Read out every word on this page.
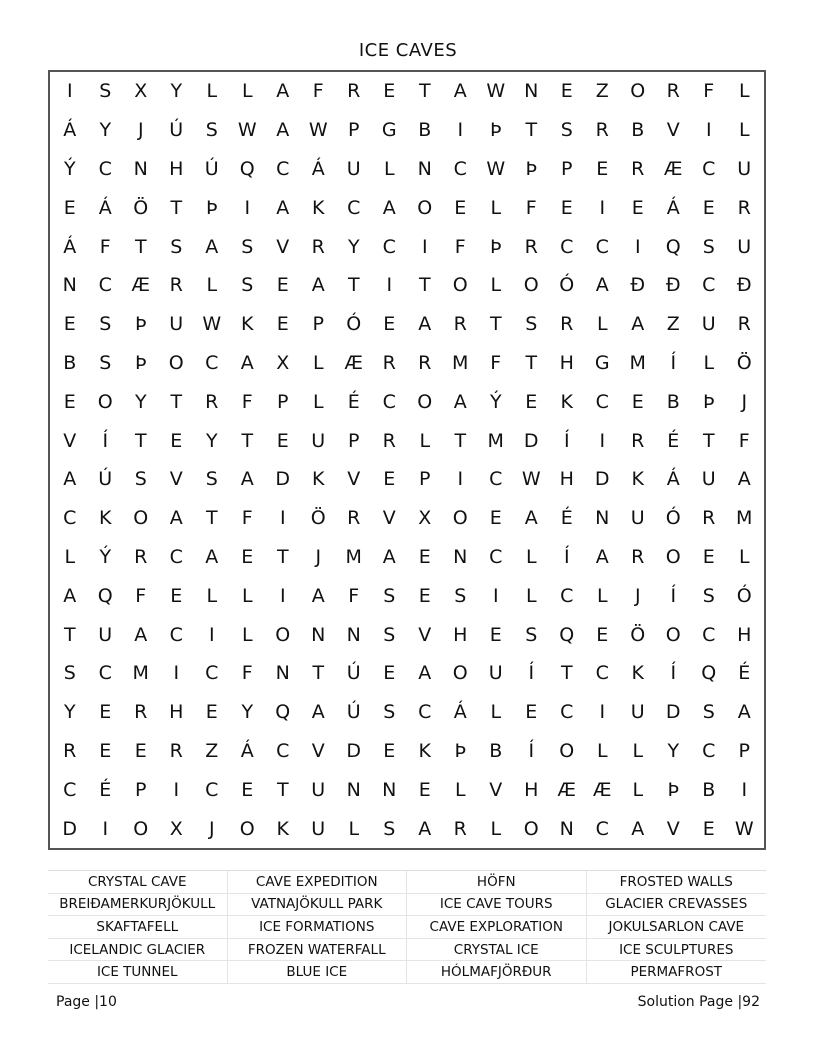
ICE CAVES
I	S	X	Y	L	L	A	F	R	E	T	A	W	N	E	Z	O	R	F	L
Á	Y	J	Ú	S	W	A	W	P	G	B	I	Þ	T	S	R	B	V	I	L
Ý	C	N	H	Ú	Q	C	Á	U	L	N	C	W	Þ	P	E	R	Æ	C	U
E	Á	Ö	T	Þ	I	A	K	C	A	O	E	L	F	E	I	E	Á	E	R
Á	F	T	S	A	S	V	R	Y	C	I	F	Þ	R	C	C	I	Q	S	U
N	C	Æ	R	L	S	E	A	T	I	T	O	L	O	Ó	A	Ð	Ð	C	Ð
E	S	Þ	U	W	K	E	P	Ó	E	A	R	T	S	R	L	A	Z	U	R
B	S	Þ	O	C	A	X	L	Æ	R	R	M	F	T	H	G	M	Í	L	Ö
E	O	Y	T	R	F	P	L	É	C	O	A	Ý	E	K	C	E	B	Þ	J
V	Í	T	E	Y	T	E	U	P	R	L	T	M	D	Í	I	R	É	T	F
A	Ú	S	V	S	A	D	K	V	E	P	I	C	W H	D	K	Á	U	A
C	K	O	A	T	F	I	Ö	R	V	X	O	E	A	É	N	U	Ó	R	M
L	Ý	R	C	A	E	T	J	M	A	E	N	C	L	Í	A	R	O	E	L
A	Q	F	E	L	L	I	A	F	S	E	S	I	L	C	L	J	Í	S	Ó
T	U	A	C	I	L	O	N	N	S	V	H	E	S	Q	E	Ö	O	C	H
S	C	M	I	C	F	N	T	Ú	E	A	O	U	Í	T	C	K	Í	Q	É
Y	E	R	H	E	Y	Q	A	Ú	S	C	Á	L	E	C	I	U	D	S	A
R	E	E	R	Z	Á	C	V	D	E	K	Þ	B	Í	O	L	L	Y	C	P
C	É	P	I	C	E	T	U	N	N	E	L	V	H	Æ Æ	L	Þ	B	I
D	I	O	X	J	O	K	U	L	S	A	R	L	O	N	C	A	V	E	W
CRYSTAL CAVE	CAVE EXPEDITION	HÖFN	FROSTED WALLS
BREIÐAMERKURJÖKULL	VATNAJÖKULL PARK	ICE CAVE TOURS	GLACIER CREVASSES
SKAFTAFELL	ICE FORMATIONS	CAVE EXPLORATION	JOKULSARLON CAVE
ICELANDIC GLACIER	FROZEN WATERFALL	CRYSTAL ICE	ICE SCULPTURES
ICE TUNNEL	BLUE ICE	HÓLMAFJÖRÐUR	PERMAFROST
Page |10	Solution Page |92
